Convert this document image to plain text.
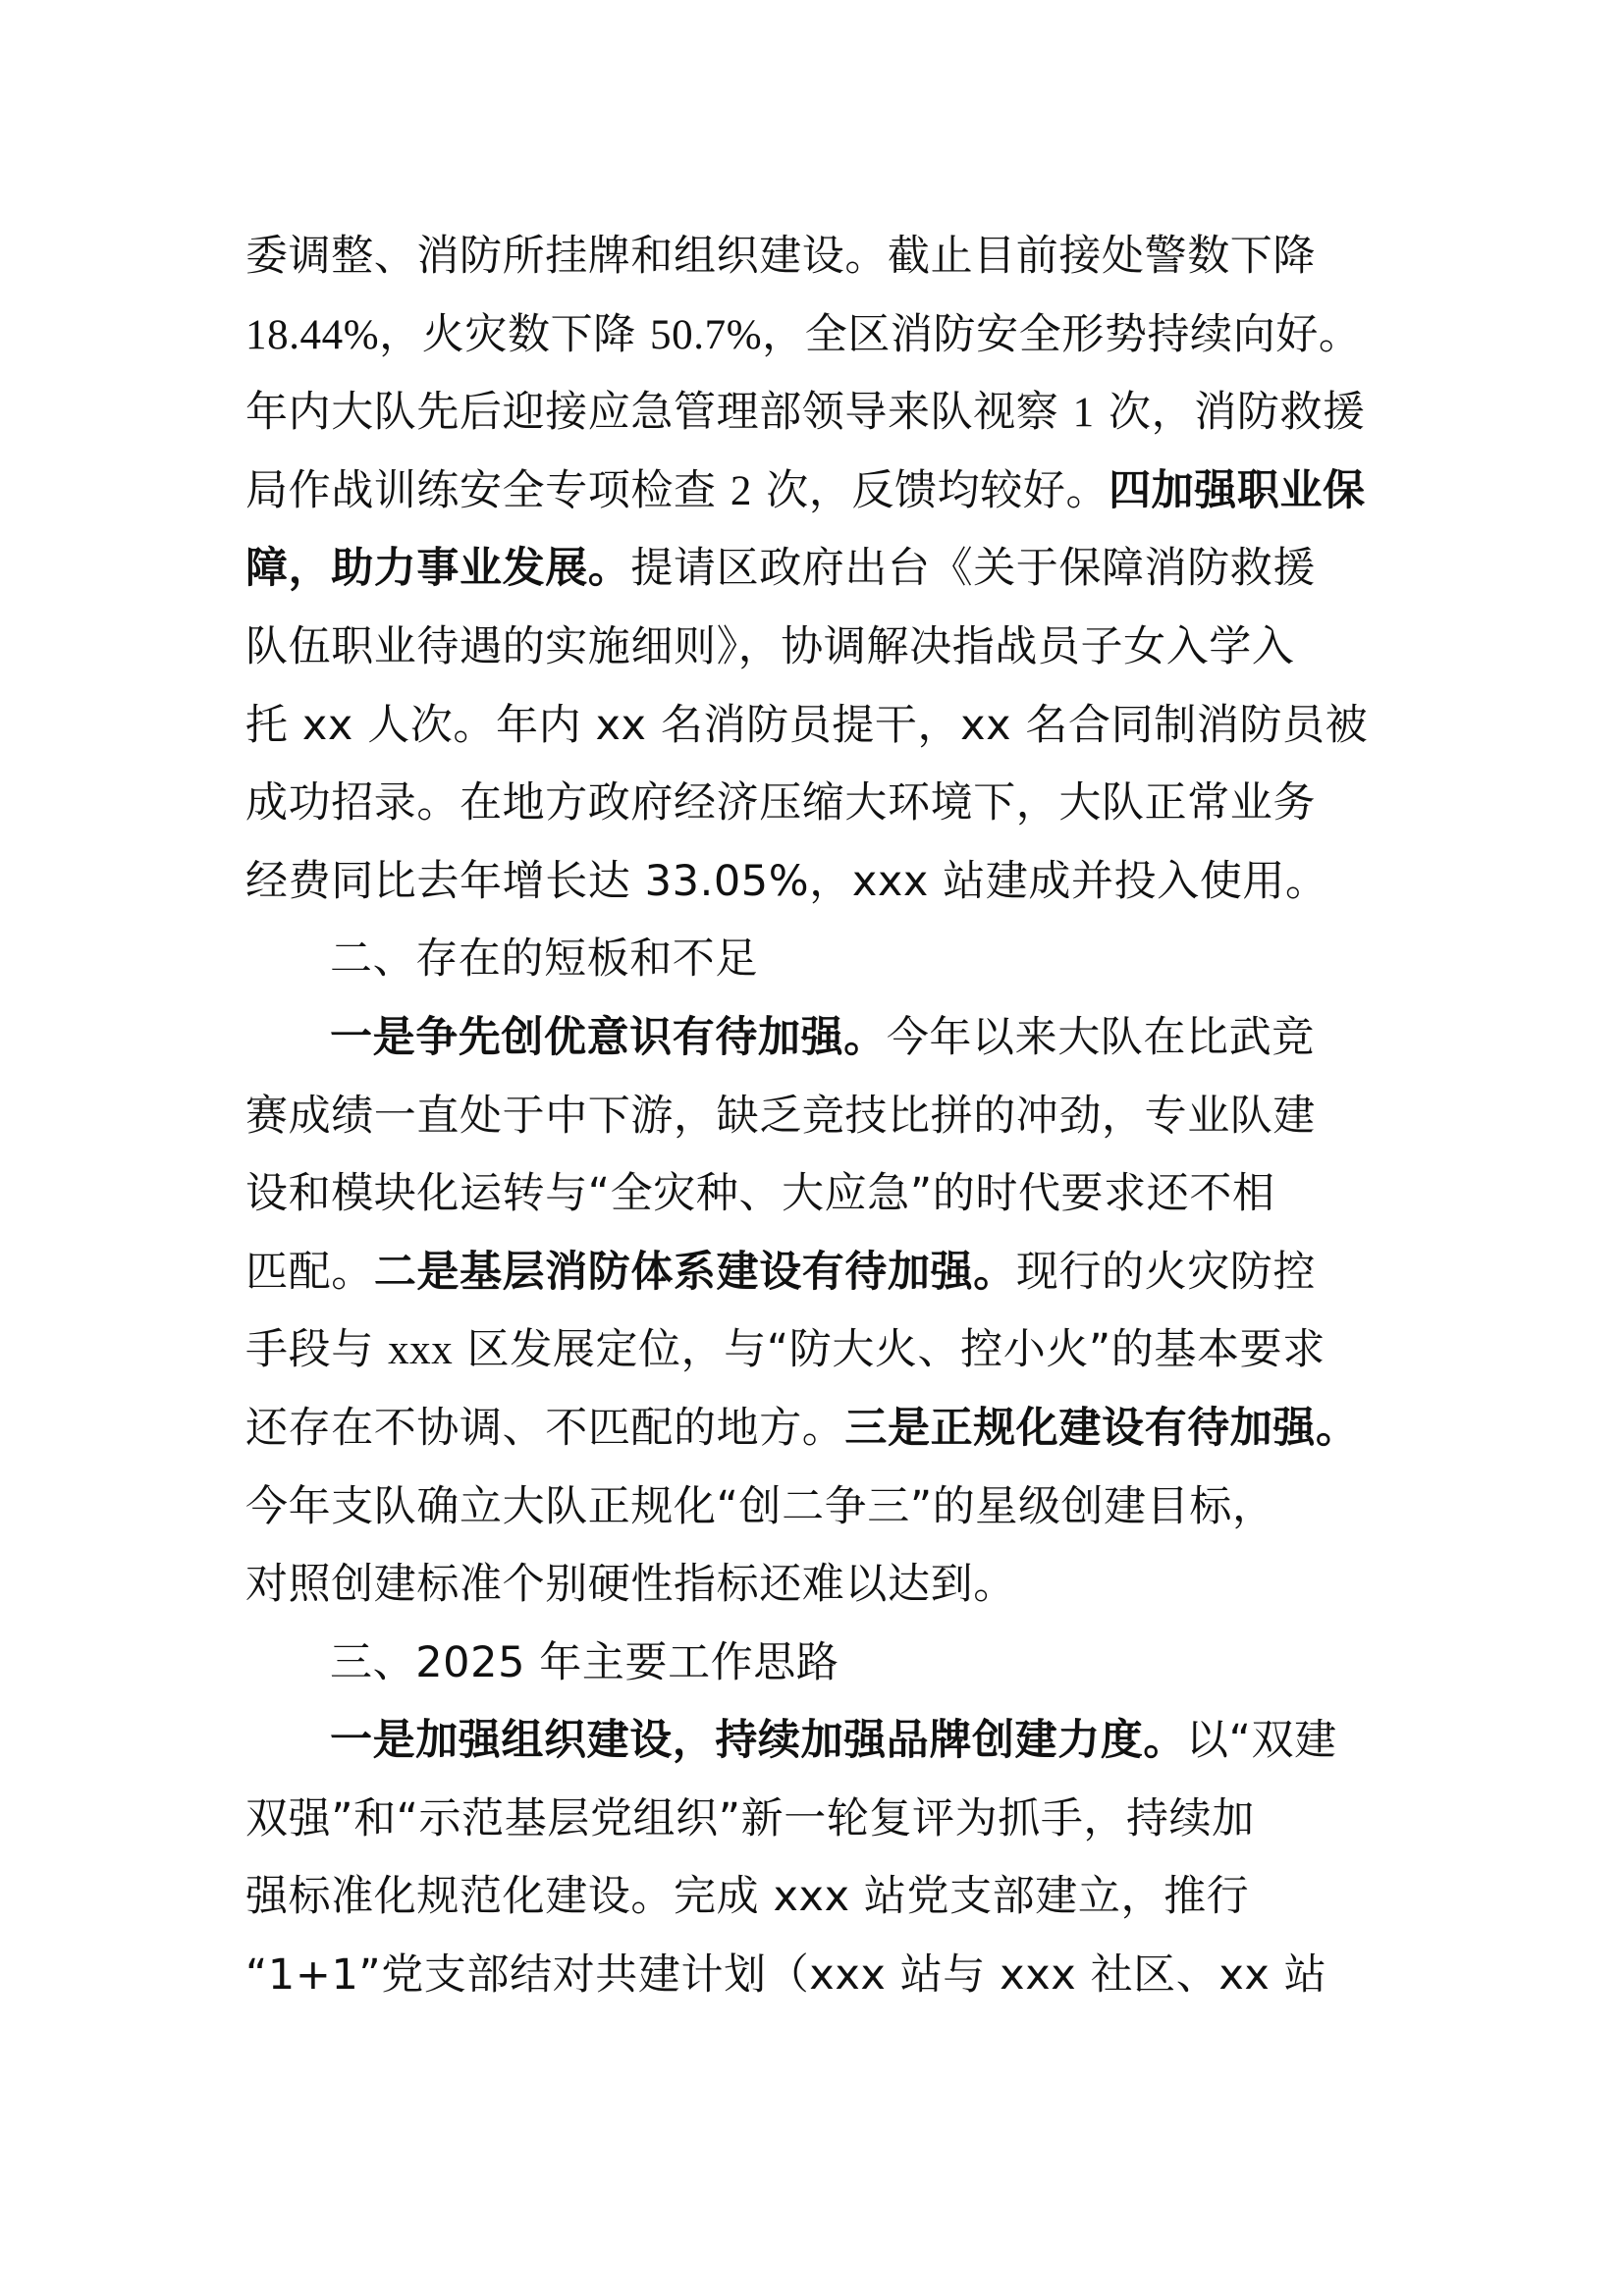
委调整、消防所挂牌和组织建设。截止目前接处警数下降
18.44%，火灾数下降 50.7%，全区消防安全形势持续向好。
年内大队先后迎接应急管理部领导来队视察 1 次，消防救援
局作战训练安全专项检查 2 次，反馈均较好。四加强职业保
障，助力事业发展。提请区政府出台《关于保障消防救援
队伍职业待遇的实施细则》，协调解决指战员子女入学入
托 xx 人次。年内 xx 名消防员提干，xx 名合同制消防员被
成功招录。在地方政府经济压缩大环境下，大队正常业务
经费同比去年增长达 33.05%，xxx 站建成并投入使用。
二、存在的短板和不足
一是争先创优意识有待加强。今年以来大队在比武竞
赛成绩一直处于中下游，缺乏竞技比拼的冲劲，专业队建
设和模块化运转与“全灾种、大应急”的时代要求还不相
匹配。二是基层消防体系建设有待加强。现行的火灾防控
手段与 xxx 区发展定位，与“防大火、控小火”的基本要求
还存在不协调、不匹配的地方。三是正规化建设有待加强。
今年支队确立大队正规化“创二争三”的星级创建目标，
对照创建标准个别硬性指标还难以达到。
三、2025 年主要工作思路
一是加强组织建设，持续加强品牌创建力度。以“双建
双强”和“示范基层党组织”新一轮复评为抓手，持续加
强标准化规范化建设。完成 xxx 站党支部建立，推行
“1+1”党支部结对共建计划（xxx 站与 xxx 社区、xx 站
